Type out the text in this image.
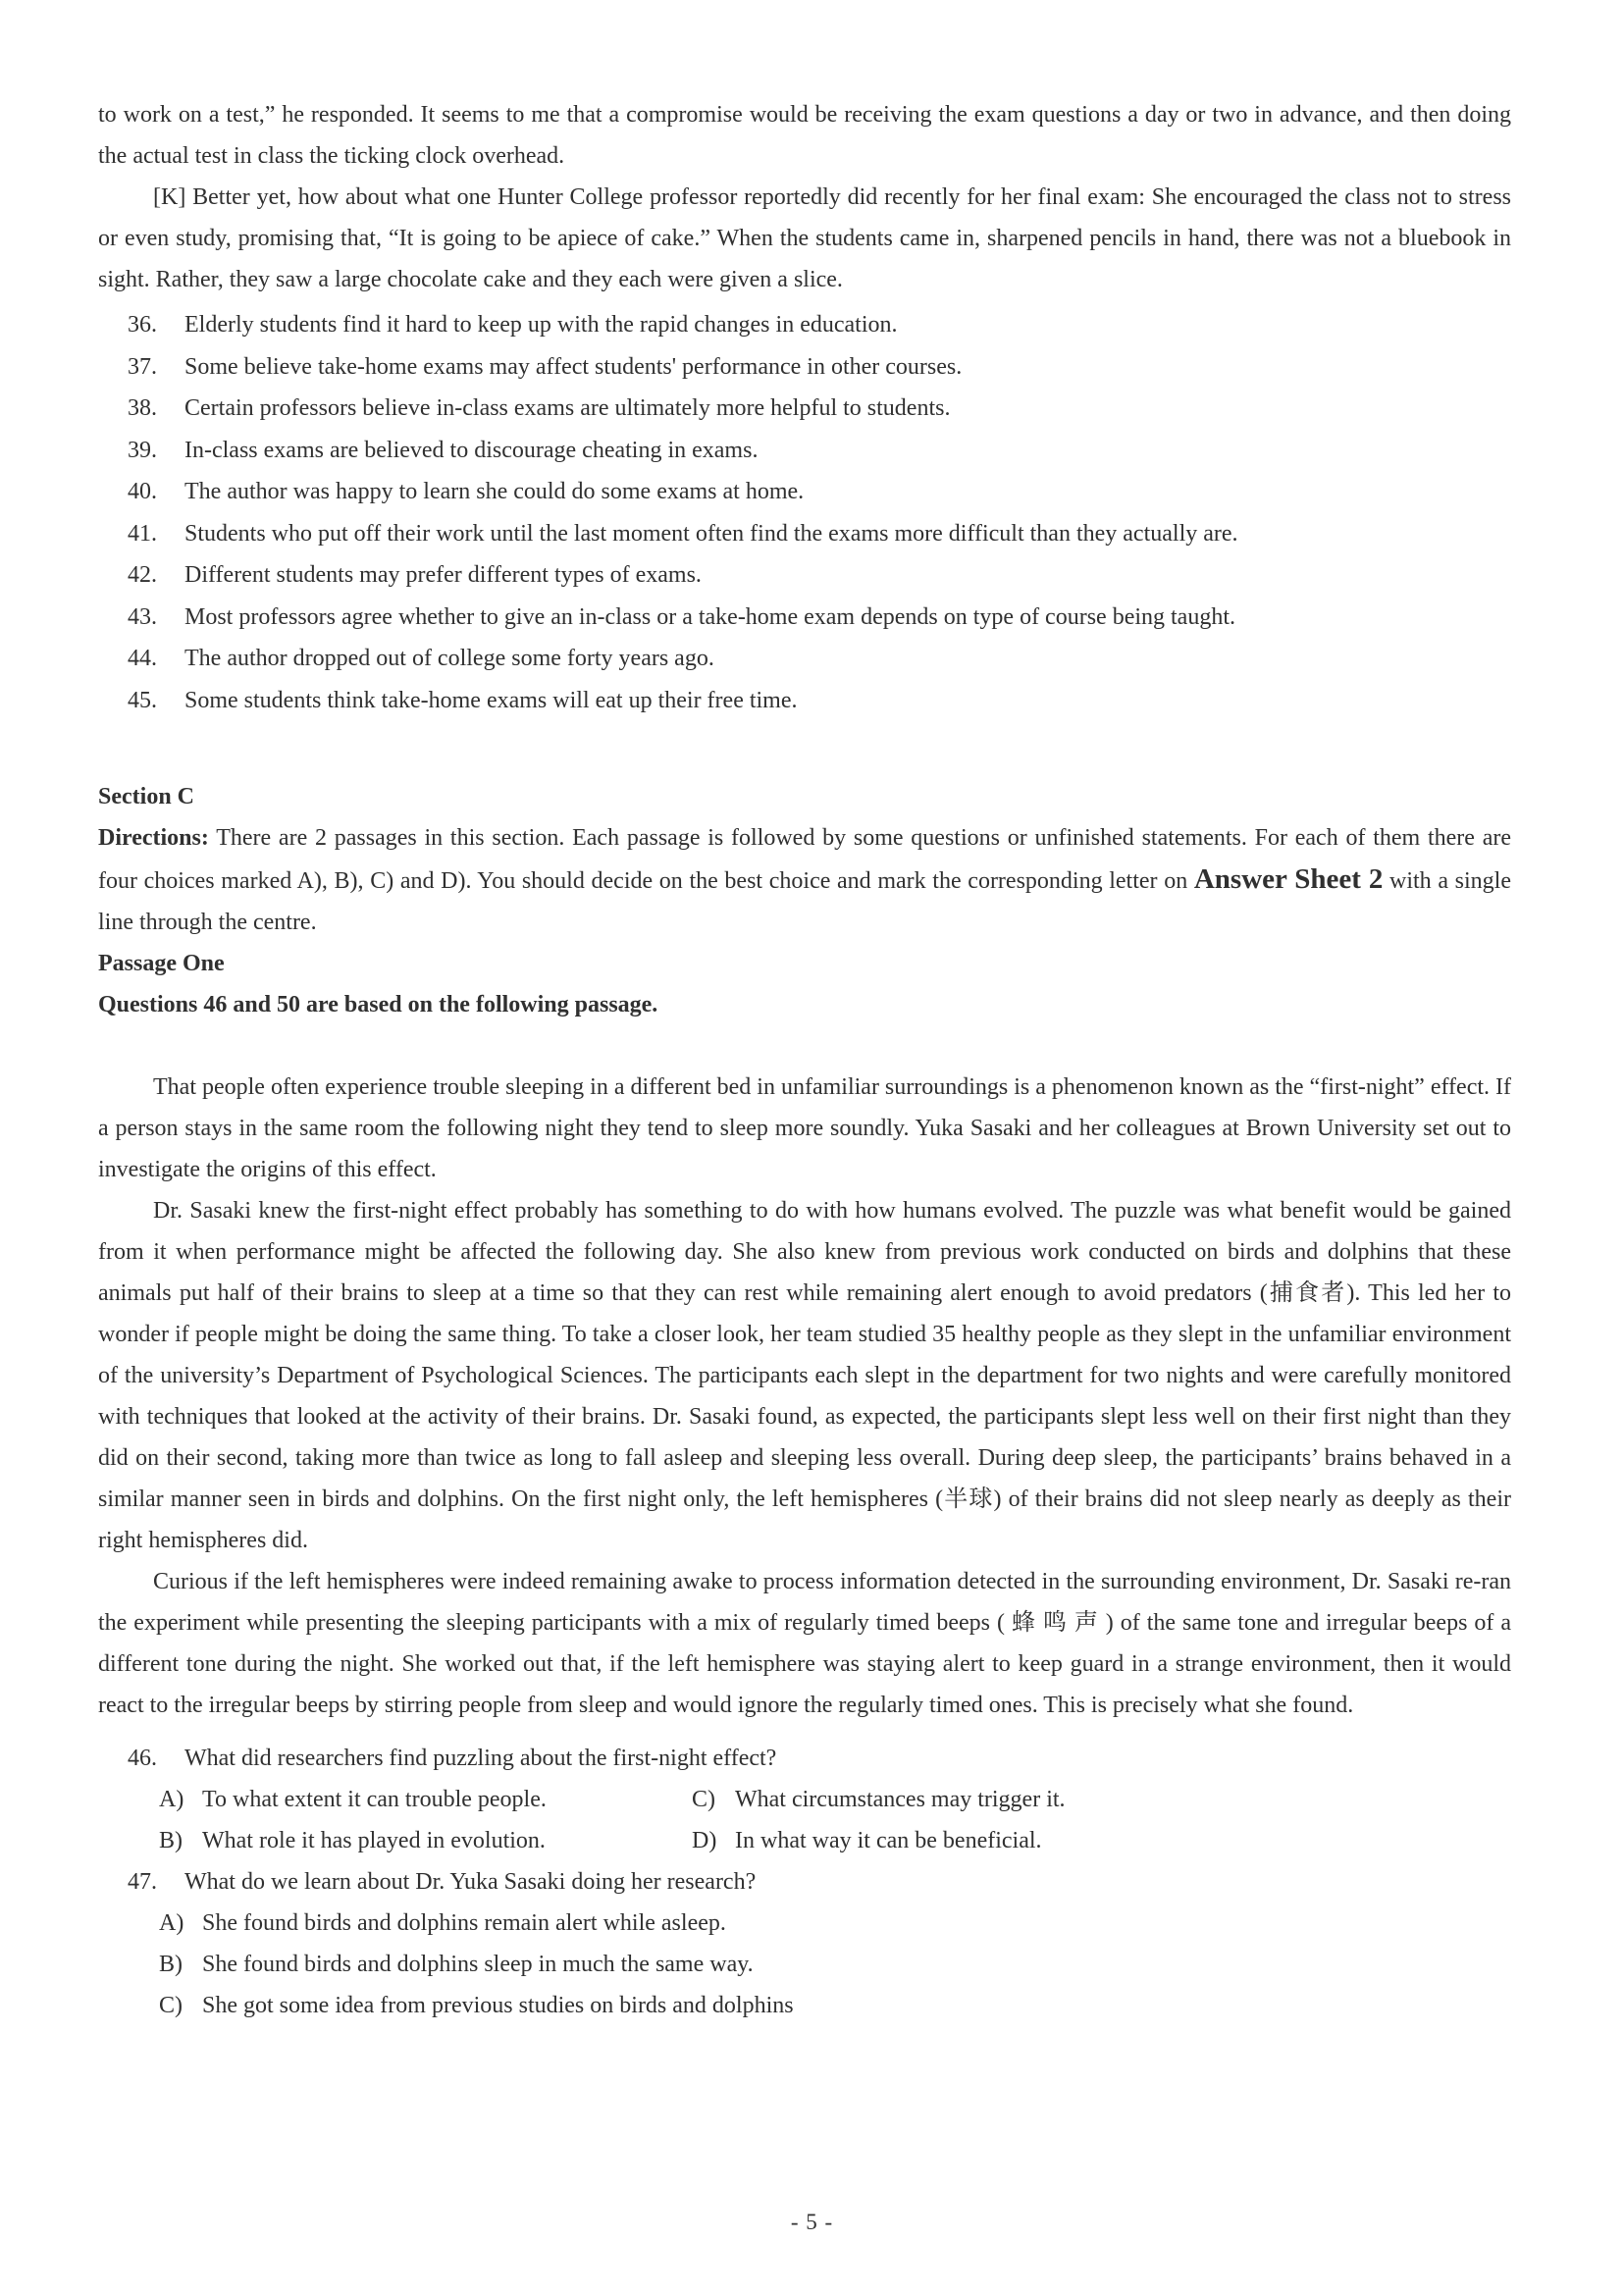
to work on a test,” he responded. It seems to me that a compromise would be receiving the exam questions a day or two in advance, and then doing the actual test in class the ticking clock overhead.

[K] Better yet, how about what one Hunter College professor reportedly did recently for her final exam: She encouraged the class not to stress or even study, promising that, “It is going to be apiece of cake.” When the students came in, sharpened pencils in hand, there was not a bluebook in sight. Rather, they saw a large chocolate cake and they each were given a slice.

36.	Elderly students find it hard to keep up with the rapid changes in education.
37.	Some believe take-home exams may affect students' performance in other courses.
38.	Certain professors believe in-class exams are ultimately more helpful to students.
39.	In-class exams are believed to discourage cheating in exams.
40.	The author was happy to learn she could do some exams at home.
41.	Students who put off their work until the last moment often find the exams more difficult than they actually are.
42.	Different students may prefer different types of exams.
43.	Most professors agree whether to give an in-class or a take-home exam depends on type of course being taught.
44.	The author dropped out of college some forty years ago.
45.	Some students think take-home exams will eat up their free time.
Section C

Directions: There are 2 passages in this section. Each passage is followed by some questions or unfinished statements. For each of them there are four choices marked A), B), C) and D). You should decide on the best choice and mark the corresponding letter on Answer Sheet 2 with a single line through the centre.

Passage One
Questions 46 and 50 are based on the following passage.

That people often experience trouble sleeping in a different bed in unfamiliar surroundings is a phenomenon known as the “first-night” effect. If a person stays in the same room the following night they tend to sleep more soundly. Yuka Sasaki and her colleagues at Brown University set out to investigate the origins of this effect.

Dr. Sasaki knew the first-night effect probably has something to do with how humans evolved. The puzzle was what benefit would be gained from it when performance might be affected the following day. She also knew from previous work conducted on birds and dolphins that these animals put half of their brains to sleep at a time so that they can rest while remaining alert enough to avoid predators (捕食者). This led her to wonder if people might be doing the same thing. To take a closer look, her team studied 35 healthy people as they slept in the unfamiliar environment of the university’s Department of Psychological Sciences. The participants each slept in the department for two nights and were carefully monitored with techniques that looked at the activity of their brains. Dr. Sasaki found, as expected, the participants slept less well on their first night than they did on their second, taking more than twice as long to fall asleep and sleeping less overall. During deep sleep, the participants’ brains behaved in a similar manner seen in birds and dolphins. On the first night only, the left hemispheres (半球) of their brains did not sleep nearly as deeply as their right hemispheres did.

Curious if the left hemispheres were indeed remaining awake to process information detected in the surrounding environment, Dr. Sasaki re-ran the experiment while presenting the sleeping participants with a mix of regularly timed beeps ( 蜂 鸣 声 ) of the same tone and irregular beeps of a different tone during the night. She worked out that, if the left hemisphere was staying alert to keep guard in a strange environment, then it would react to the irregular beeps by stirring people from sleep and would ignore the regularly timed ones. This is precisely what she found.

46.	What did researchers find puzzling about the first-night effect?
A) To what extent it can trouble people.	C) What circumstances may trigger it.
B) What role it has played in evolution.	D) In what way it can be beneficial.
47.	What do we learn about Dr. Yuka Sasaki doing her research?
A) She found birds and dolphins remain alert while asleep.
B) She found birds and dolphins sleep in much the same way.
C) She got some idea from previous studies on birds and dolphins
- 5 -
